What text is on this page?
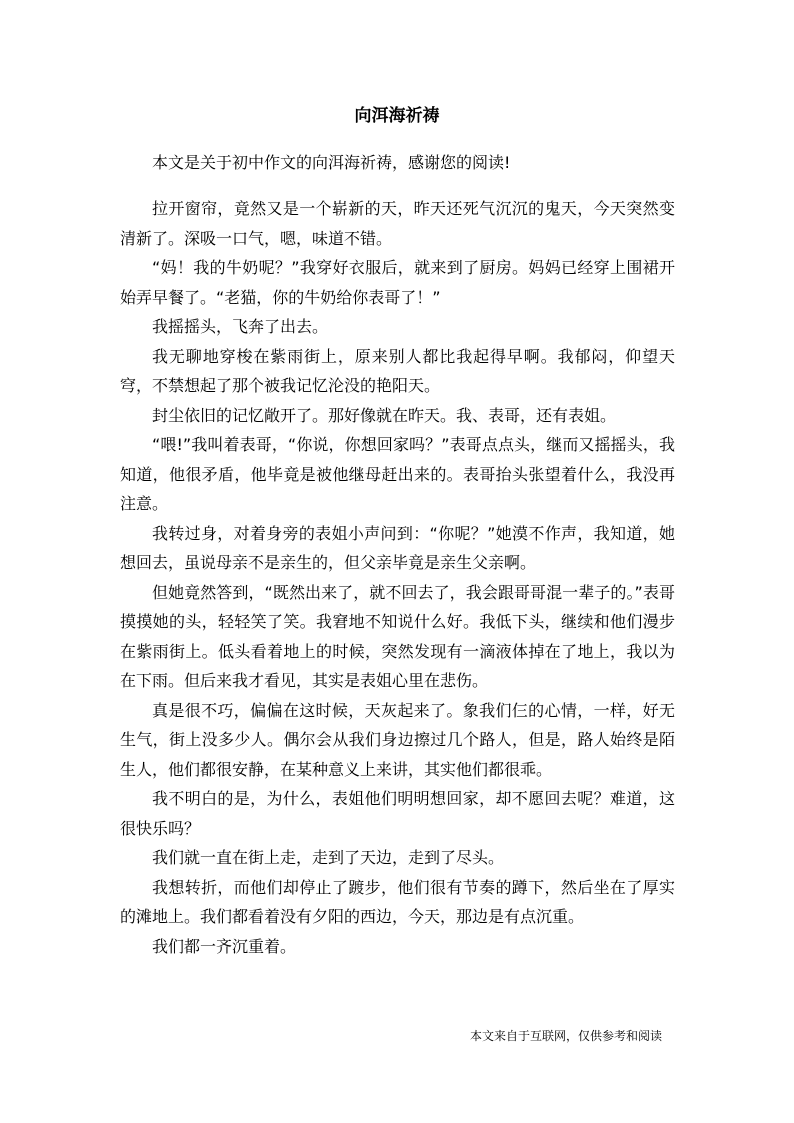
向洱海祈祷

本文是关于初中作文的向洱海祈祷，感谢您的阅读!

拉开窗帘，竟然又是一个崭新的天，昨天还死气沉沉的鬼天，今天突然变清新了。深吸一口气，嗯，味道不错。

“妈！我的牛奶呢？”我穿好衣服后，就来到了厨房。妈妈已经穿上围裙开始弄早餐了。“老猫，你的牛奶给你表哥了！”

我摇摇头，飞奔了出去。

我无聊地穿梭在紫雨街上，原来别人都比我起得早啊。我郁闷，仰望天穹，不禁想起了那个被我记忆沦没的艳阳天。

封尘依旧的记忆敞开了。那好像就在昨天。我、表哥，还有表姐。

“喂!”我叫着表哥，“你说，你想回家吗？”表哥点点头，继而又摇摇头，我知道，他很矛盾，他毕竟是被他继母赶出来的。表哥抬头张望着什么，我没再注意。

我转过身，对着身旁的表姐小声问到：“你呢？”她漠不作声，我知道，她想回去，虽说母亲不是亲生的，但父亲毕竟是亲生父亲啊。

但她竟然答到，“既然出来了，就不回去了，我会跟哥哥混一辈子的。”表哥摸摸她的头，轻轻笑了笑。我窘地不知说什么好。我低下头，继续和他们漫步在紫雨街上。低头看着地上的时候，突然发现有一滴液体掉在了地上，我以为在下雨。但后来我才看见，其实是表姐心里在悲伤。

真是很不巧，偏偏在这时候，天灰起来了。象我们仨的心情，一样，好无生气，街上没多少人。偶尔会从我们身边擦过几个路人，但是，路人始终是陌生人，他们都很安静，在某种意义上来讲，其实他们都很乖。

我不明白的是，为什么，表姐他们明明想回家，却不愿回去呢？难道，这很快乐吗？

我们就一直在街上走，走到了天边，走到了尽头。

我想转折，而他们却停止了踱步，他们很有节奏的蹲下，然后坐在了厚实的滩地上。我们都看着没有夕阳的西边，今天，那边是有点沉重。

我们都一齐沉重着。

本文来自于互联网，仅供参考和阅读
